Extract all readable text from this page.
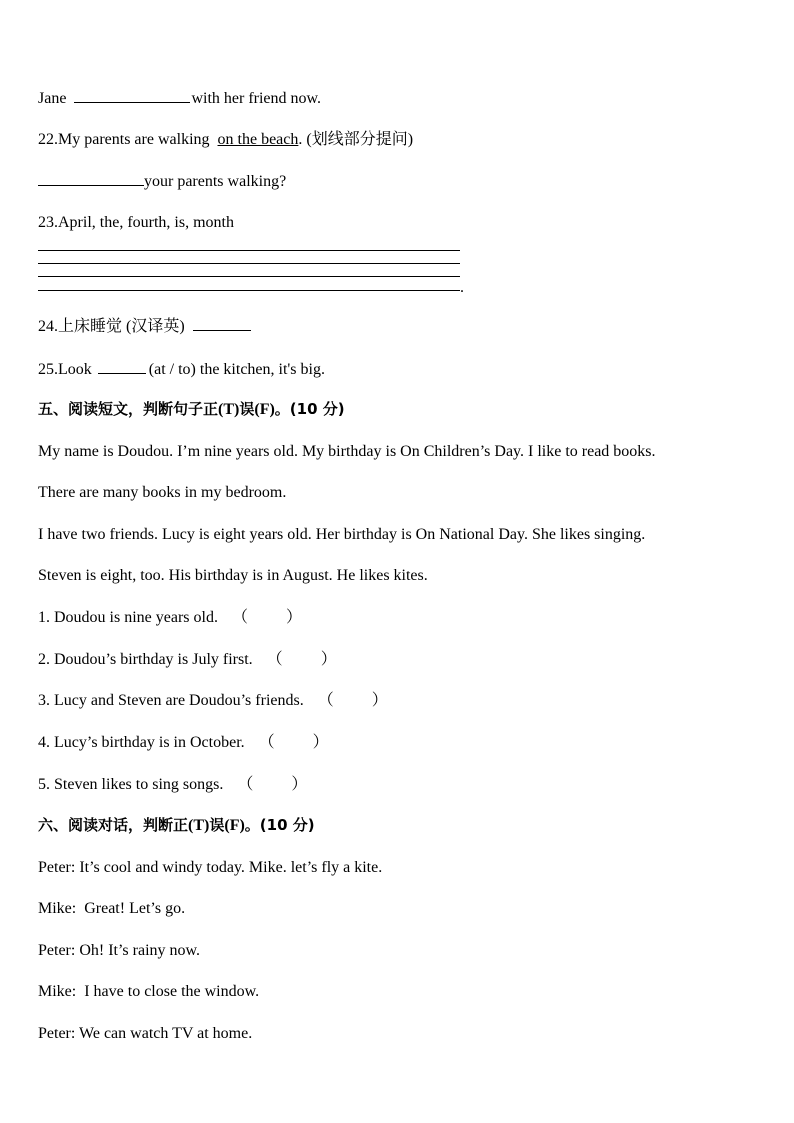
Jane	with her friend now.
22.My parents are walking on the beach. (划线部分提问)
your parents walking?
23.April, the, fourth, is, month
.
24.上床睡觉 (汉译英)
25.Look	(at / to) the kitchen, it's big.
五、阅读短文，判断句子正(T)误(F)。(10 分)
My name is Doudou. I’m nine years old. My birthday is On Children’s Day. I like to read books.
There are many books in my bedroom.
I have two friends. Lucy is eight years old. Her birthday is On National Day. She likes singing.
Steven is eight, too. His birthday is in August. He likes kites.
1. Doudou is nine years old. （ ）
2. Doudou’s birthday is July first. （ ）
3. Lucy and Steven are Doudou’s friends. （ ）
4. Lucy’s birthday is in October. （ ）
5. Steven likes to sing songs. （ ）
六、阅读对话，判断正(T)误(F)。(10 分)
Peter: It’s cool and windy today. Mike. let’s fly a kite.
Mike:  Great! Let’s go.
Peter: Oh! It’s rainy now.
Mike:  I have to close the window.
Peter: We can watch TV at home.
